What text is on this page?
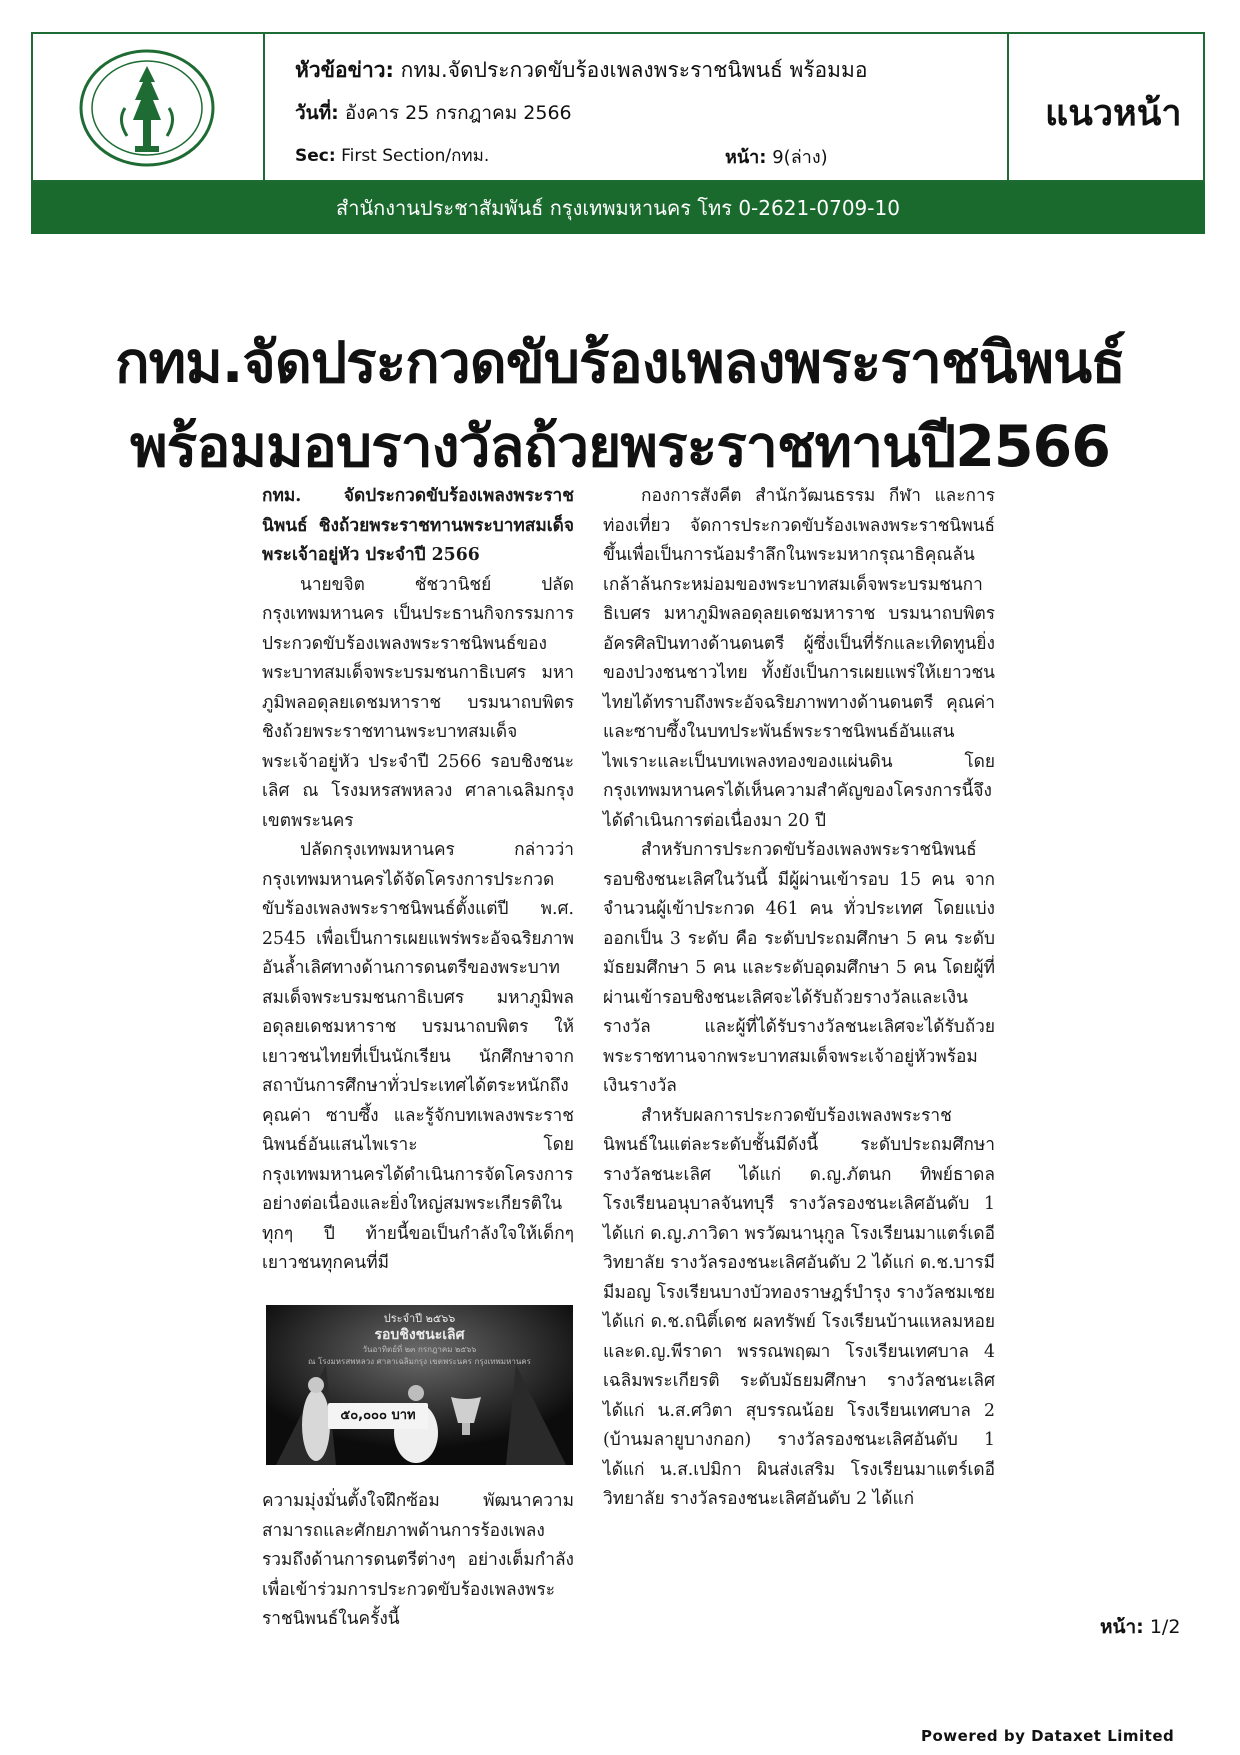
หัวข้อข่าว: กทม.จัดประกวดขับร้องเพลงพระราชนิพนธ์ พร้อมมอ
วันที่: อังคาร 25 กรกฎาคม 2566
Sec: First Section/กทม.	หน้า: 9(ล่าง)
แนวหน้า
สำนักงานประชาสัมพันธ์ กรุงเทพมหานคร โทร 0-2621-0709-10
กทม.จัดประกวดขับร้องเพลงพระราชนิพนธ์
พร้อมมอบรางวัลถ้วยพระราชทานปี2566

กทม. จัดประกวดขับร้องเพลงพระราชนิพนธ์ ชิงถ้วยพระราชทานพระบาทสมเด็จพระเจ้าอยู่หัว ประจำปี 2566

นายขจิต ชัชวานิชย์ ปลัดกรุงเทพมหานคร เป็นประธานกิจกรรมการประกวดขับร้องเพลงพระราชนิพนธ์ของพระบาทสมเด็จพระบรมชนกาธิเบศร มหาภูมิพลอดุลยเดชมหาราช บรมนาถบพิตร ชิงถ้วยพระราชทานพระบาทสมเด็จพระเจ้าอยู่หัว ประจำปี 2566 รอบชิงชนะเลิศ ณ โรงมหรสพหลวง ศาลาเฉลิมกรุง เขตพระนคร

ปลัดกรุงเทพมหานคร กล่าวว่า กรุงเทพมหานครได้จัดโครงการประกวดขับร้องเพลงพระราชนิพนธ์ตั้งแต่ปี พ.ศ. 2545 เพื่อเป็นการเผยแพร่พระอัจฉริยภาพอันล้ำเลิศทางด้านการดนตรีของพระบาทสมเด็จพระบรมชนกาธิเบศร มหาภูมิพลอดุลยเดชมหาราช บรมนาถบพิตร ให้เยาวชนไทยที่เป็นนักเรียน นักศึกษาจากสถาบันการศึกษาทั่วประเทศได้ตระหนักถึงคุณค่า ซาบซึ้ง และรู้จักบทเพลงพระราชนิพนธ์อันแสนไพเราะ โดยกรุงเทพมหานครได้ดำเนินการจัดโครงการอย่างต่อเนื่องและยิ่งใหญ่สมพระเกียรติในทุกๆ ปี ท้ายนี้ขอเป็นกำลังใจให้เด็กๆ เยาวชนทุกคนที่มี

ประจำปี ๒๕๖๖
รอบชิงชนะเลิศ
วันอาทิตย์ที่ ๒๓ กรกฎาคม ๒๕๖๖
ณ โรงมหรสพหลวง ศาลาเฉลิมกรุง เขตพระนคร กรุงเทพมหานคร
๕๐,๐๐๐ บาท

ความมุ่งมั่นตั้งใจฝึกซ้อม พัฒนาความสามารถและศักยภาพด้านการร้องเพลง รวมถึงด้านการดนตรีต่างๆ อย่างเต็มกำลัง เพื่อเข้าร่วมการประกวดขับร้องเพลงพระราชนิพนธ์ในครั้งนี้

กองการสังคีต สำนักวัฒนธรรม กีฬา และการท่องเที่ยว จัดการประกวดขับร้องเพลงพระราชนิพนธ์ขึ้นเพื่อเป็นการน้อมรำลึกในพระมหากรุณาธิคุณล้นเกล้าล้นกระหม่อมของพระบาทสมเด็จพระบรมชนกาธิเบศร มหาภูมิพลอดุลยเดชมหาราช บรมนาถบพิตร อัครศิลปินทางด้านดนตรี ผู้ซึ่งเป็นที่รักและเทิดทูนยิ่งของปวงชนชาวไทย ทั้งยังเป็นการเผยแพร่ให้เยาวชนไทยได้ทราบถึงพระอัจฉริยภาพทางด้านดนตรี คุณค่า และซาบซึ้งในบทประพันธ์พระราชนิพนธ์อันแสนไพเราะและเป็นบทเพลงทองของแผ่นดิน โดยกรุงเทพมหานครได้เห็นความสำคัญของโครงการนี้จึงได้ดำเนินการต่อเนื่องมา 20 ปี

สำหรับการประกวดขับร้องเพลงพระราชนิพนธ์รอบชิงชนะเลิศในวันนี้ มีผู้ผ่านเข้ารอบ 15 คน จากจำนวนผู้เข้าประกวด 461 คน ทั่วประเทศ โดยแบ่งออกเป็น 3 ระดับ คือ ระดับประถมศึกษา 5 คน ระดับมัธยมศึกษา 5 คน และระดับอุดมศึกษา 5 คน โดยผู้ที่ผ่านเข้ารอบชิงชนะเลิศจะได้รับถ้วยรางวัลและเงินรางวัล และผู้ที่ได้รับรางวัลชนะเลิศจะได้รับถ้วยพระราชทานจากพระบาทสมเด็จพระเจ้าอยู่หัวพร้อมเงินรางวัล

สำหรับผลการประกวดขับร้องเพลงพระราชนิพนธ์ในแต่ละระดับชั้นมีดังนี้ ระดับประถมศึกษา รางวัลชนะเลิศ ได้แก่ ด.ญ.ภัตนก ทิพย์ธาดล โรงเรียนอนุบาลจันทบุรี รางวัลรองชนะเลิศอันดับ 1 ได้แก่ ด.ญ.ภาวิดา พรวัฒนานุกูล โรงเรียนมาแตร์เดอีวิทยาลัย รางวัลรองชนะเลิศอันดับ 2 ได้แก่ ด.ช.บารมี มีมอญ โรงเรียนบางบัวทองราษฎร์บำรุง รางวัลชมเชย ได้แก่ ด.ช.ถนิติ์เดช ผลทรัพย์ โรงเรียนบ้านแหลมหอย และด.ญ.พีราดา พรรณพฤฒา โรงเรียนเทศบาล 4 เฉลิมพระเกียรติ ระดับมัธยมศึกษา รางวัลชนะเลิศ ได้แก่ น.ส.ศวิตา สุบรรณน้อย โรงเรียนเทศบาล 2 (บ้านมลายูบางกอก) รางวัลรองชนะเลิศอันดับ 1 ได้แก่ น.ส.เปมิกา ผินส่งเสริม โรงเรียนมาแตร์เดอีวิทยาลัย รางวัลรองชนะเลิศอันดับ 2 ได้แก่

หน้า: 1/2
Powered by Dataxet Limited
